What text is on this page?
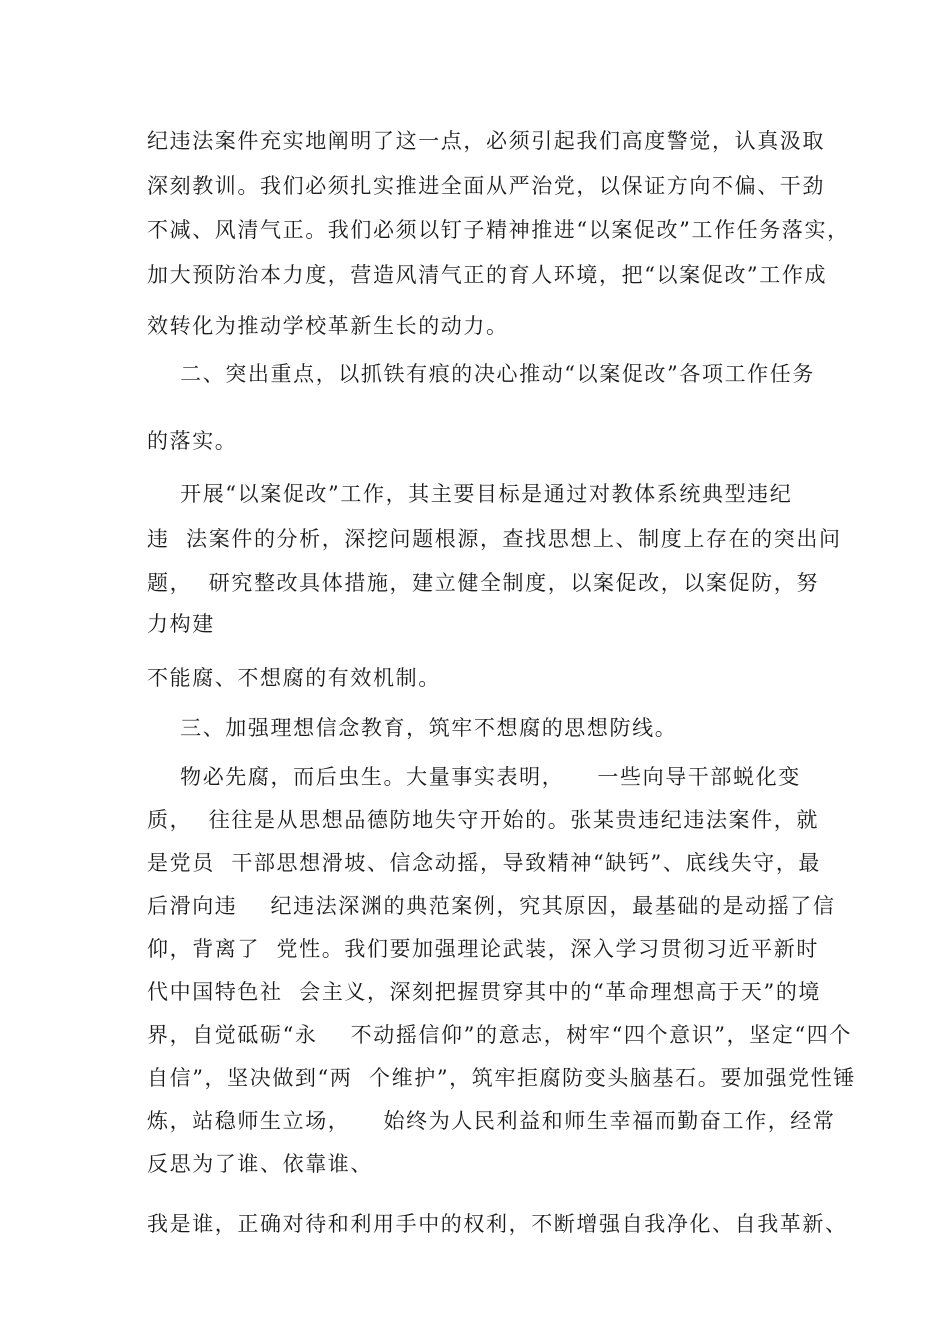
纪违法案件充实地阐明了这一点，必须引起我们高度警觉，认真汲取

深刻教训。我们必须扎实推进全面从严治党，以保证方向不偏、干劲

不减、风清气正。我们必须以钉子精神推进“以案促改”工作任务落实，

加大预防治本力度，营造风清气正的育人环境，把“以案促改”工作成

效转化为推动学校革新生长的动力。

二、突出重点，以抓铁有痕的决心推动“以案促改”各项工作任务

的落实。

开展“以案促改”工作，其主要目标是通过对教体系统典型违纪

违  法案件的分析，深挖问题根源，查找思想上、制度上存在的突出问

题，  研究整改具体措施，建立健全制度，以案促改，以案促防，努

力构建

不能腐、不想腐的有效机制。

三、加强理想信念教育，筑牢不想腐的思想防线。

物必先腐，而后虫生。大量事实表明，    一些向导干部蜕化变

质，  往往是从思想品德防地失守开始的。张某贵违纪违法案件，就

是党员  干部思想滑坡、信念动摇，导致精神“缺钙”、底线失守，最

后滑向违    纪违法深渊的典范案例，究其原因，最基础的是动摇了信

仰，背离了  党性。我们要加强理论武装，深入学习贯彻习近平新时

代中国特色社  会主义，深刻把握贯穿其中的“革命理想高于天”的境

界，自觉砥砺“永    不动摇信仰”的意志，树牢“四个意识”，坚定“四个

自信”，坚决做到“两  个维护”，筑牢拒腐防变头脑基石。要加强党性锤

炼，站稳师生立场，    始终为人民利益和师生幸福而勤奋工作，经常

反思为了谁、依靠谁、

我是谁，正确对待和利用手中的权利，不断增强自我净化、自我革新、
